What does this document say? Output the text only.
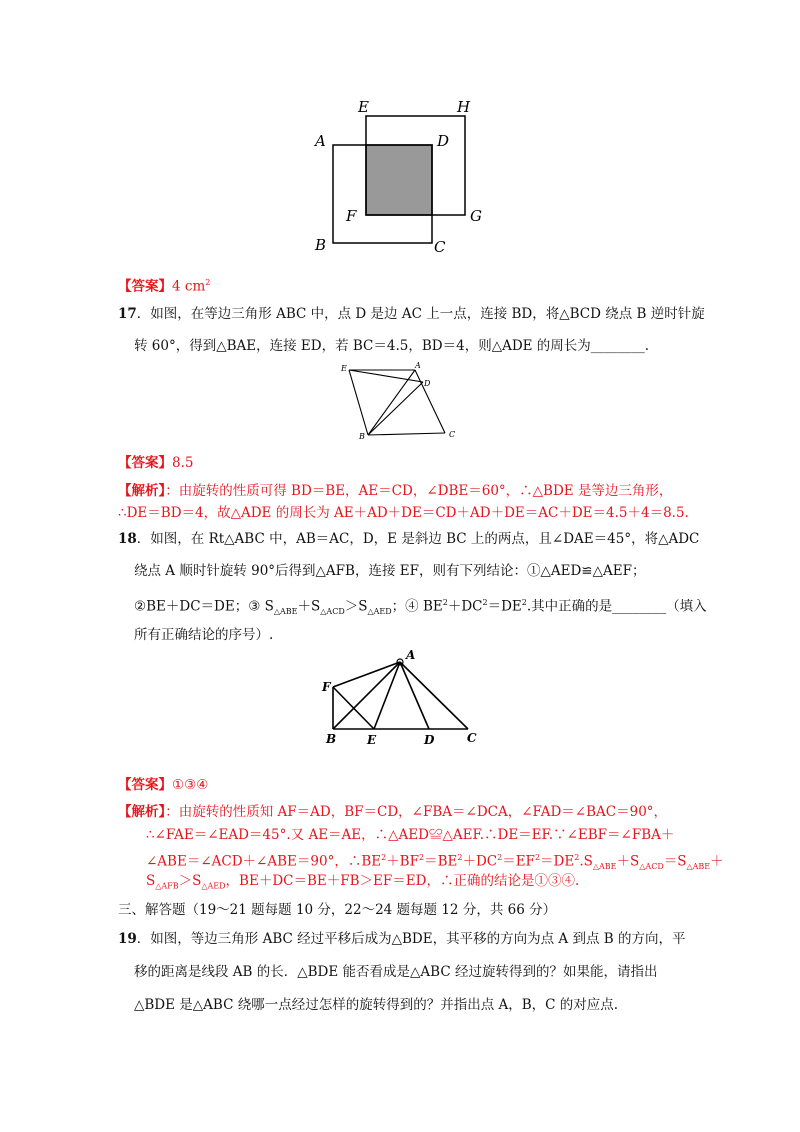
E	H
A	D
F	G
B	C
【答案】4 $cm^2$
17．如图，在等边三角形 ABC 中，点 D 是边 AC 上一点，连接 BD，将△BCD 绕点 B 逆时针旋
转 60°，得到△BAE，连接 ED，若 BC＝4.5，BD＝4，则△ADE 的周长为________.
E	A
D
B	C
【答案】8.5
【解析】：由旋转的性质可得 BD＝BE，AE＝CD，∠DBE＝60°，∴△BDE 是等边三角形，
∴DE＝BD＝4，故△ADE 的周长为 AE＋AD＋DE＝CD＋AD＋DE＝AC＋DE＝4.5＋4＝8.5.
18．如图，在 Rt△ABC 中，AB＝AC，D，E 是斜边 BC 上的两点，且∠DAE＝45°，将△ADC
绕点 A 顺时针旋转 90°后得到△AFB，连接 EF，则有下列结论：①△AED≌△AEF；
②BE＋DC＝DE；③ $S_{\triangle ABE}+S_{\triangle ACD}>S_{\triangle AED}$；④ $BE^2+DC^2=DE^2$.其中正确的是________（填入
所有正确结论的序号）.
A
F
B	E	D	C
【答案】①③④
【解析】：由旋转的性质知 AF＝AD，BF＝CD，∠FBA＝∠DCA，∠FAD＝∠BAC＝90°，
∴∠FAE＝∠EAD＝45°.又 AE＝AE，∴△AED≌△AEF.∴DE＝EF.∵∠EBF＝∠FBA＋
∠ABE＝∠ACD＋∠ABE＝90°，$\therefore BE^2+BF^2=BE^2+DC^2=EF^2=DE^2.S_{\triangle ABE}+S_{\triangle ACD}=S_{\triangle ABE}+$
$S_{\triangle AFB}>S_{\triangle AED}$，BE＋DC＝BE＋FB＞EF＝ED，∴正确的结论是①③④.
三、解答题（19～21 题每题 10 分，22～24 题每题 12 分，共 66 分）
19．如图，等边三角形 ABC 经过平移后成为△BDE，其平移的方向为点 A 到点 B 的方向，平
移的距离是线段 AB 的长．△BDE 能否看成是△ABC 经过旋转得到的？如果能，请指出
△BDE 是△ABC 绕哪一点经过怎样的旋转得到的？并指出点 A，B，C 的对应点.
